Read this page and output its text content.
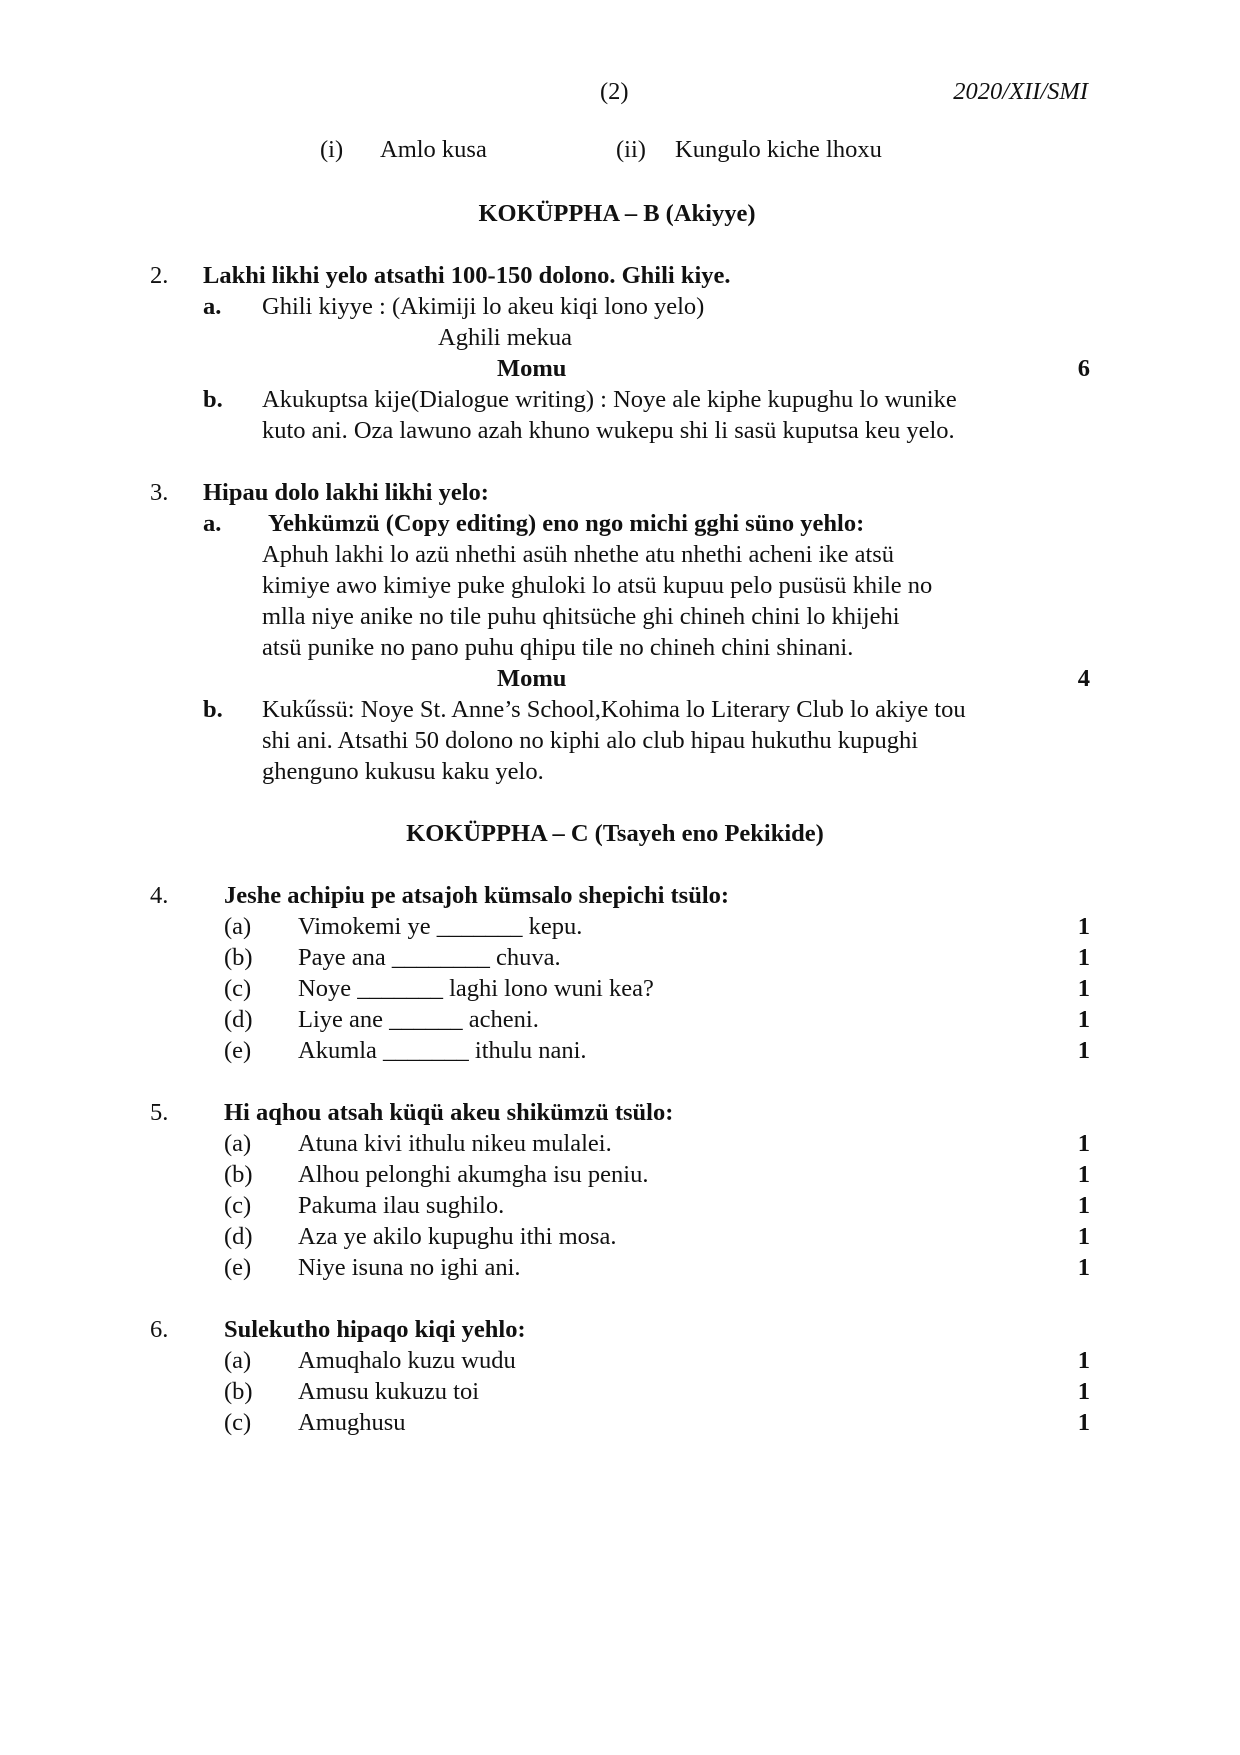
(2)	2020/XII/SMI
(i) Amlo kusa	(ii) Kungulo kiche lhoxu
KOKÜPPHA – B (Akiyye)
2. Lakhi likhi yelo atsathi 100-150 dolono. Ghili kiye.
a. Ghili kiyye : (Akimiji lo akeu kiqi lono yelo)
Aghili mekua
Momu	6
b. Akukuptsa kije(Dialogue writing) : Noye ale kiphe kupughu lo wunike
kuto ani. Oza lawuno azah khuno wukepu shi li sasü kuputsa keu yelo.
3. Hipau dolo lakhi likhi yelo:
a. Yehkümzü (Copy editing) eno ngo michi gghi süno yehlo:
Aphuh lakhi lo azü nhethi asüh nhethe atu nhethi acheni ike atsü
kimiye awo kimiye puke ghuloki lo atsü kupuu pelo pusüsü khile no
mlla niye anike no tile puhu qhitsüche ghi chineh chini lo khijehi
atsü punike no pano puhu qhipu tile no chineh chini shinani.
Momu	4
b. Kukűssü: Noye St. Anne’s School,Kohima lo Literary Club lo akiye tou
shi ani. Atsathi 50 dolono no kiphi alo club hipau hukuthu kupughi
ghenguno kukusu kaku yelo.
KOKÜPPHA – C (Tsayeh eno Pekikide)
4. Jeshe achipiu pe atsajoh kümsalo shepichi tsülo:
(a) Vimokemi ye _______ kepu.	1
(b) Paye ana ________ chuva.	1
(c) Noye _______ laghi lono wuni kea?	1
(d) Liye ane ______ acheni.	1
(e) Akumla _______ ithulu nani.	1
5. Hi aqhou atsah küqü akeu shikümzü tsülo:
(a) Atuna kivi ithulu nikeu mulalei.	1
(b) Alhou pelonghi akumgha isu peniu.	1
(c) Pakuma ilau sughilo.	1
(d) Aza ye akilo kupughu ithi mosa.	1
(e) Niye isuna no ighi ani.	1
6. Sulekutho hipaqo kiqi yehlo:
(a) Amuqhalo kuzu wudu	1
(b) Amusu kukuzu toi	1
(c) Amughusu	1
